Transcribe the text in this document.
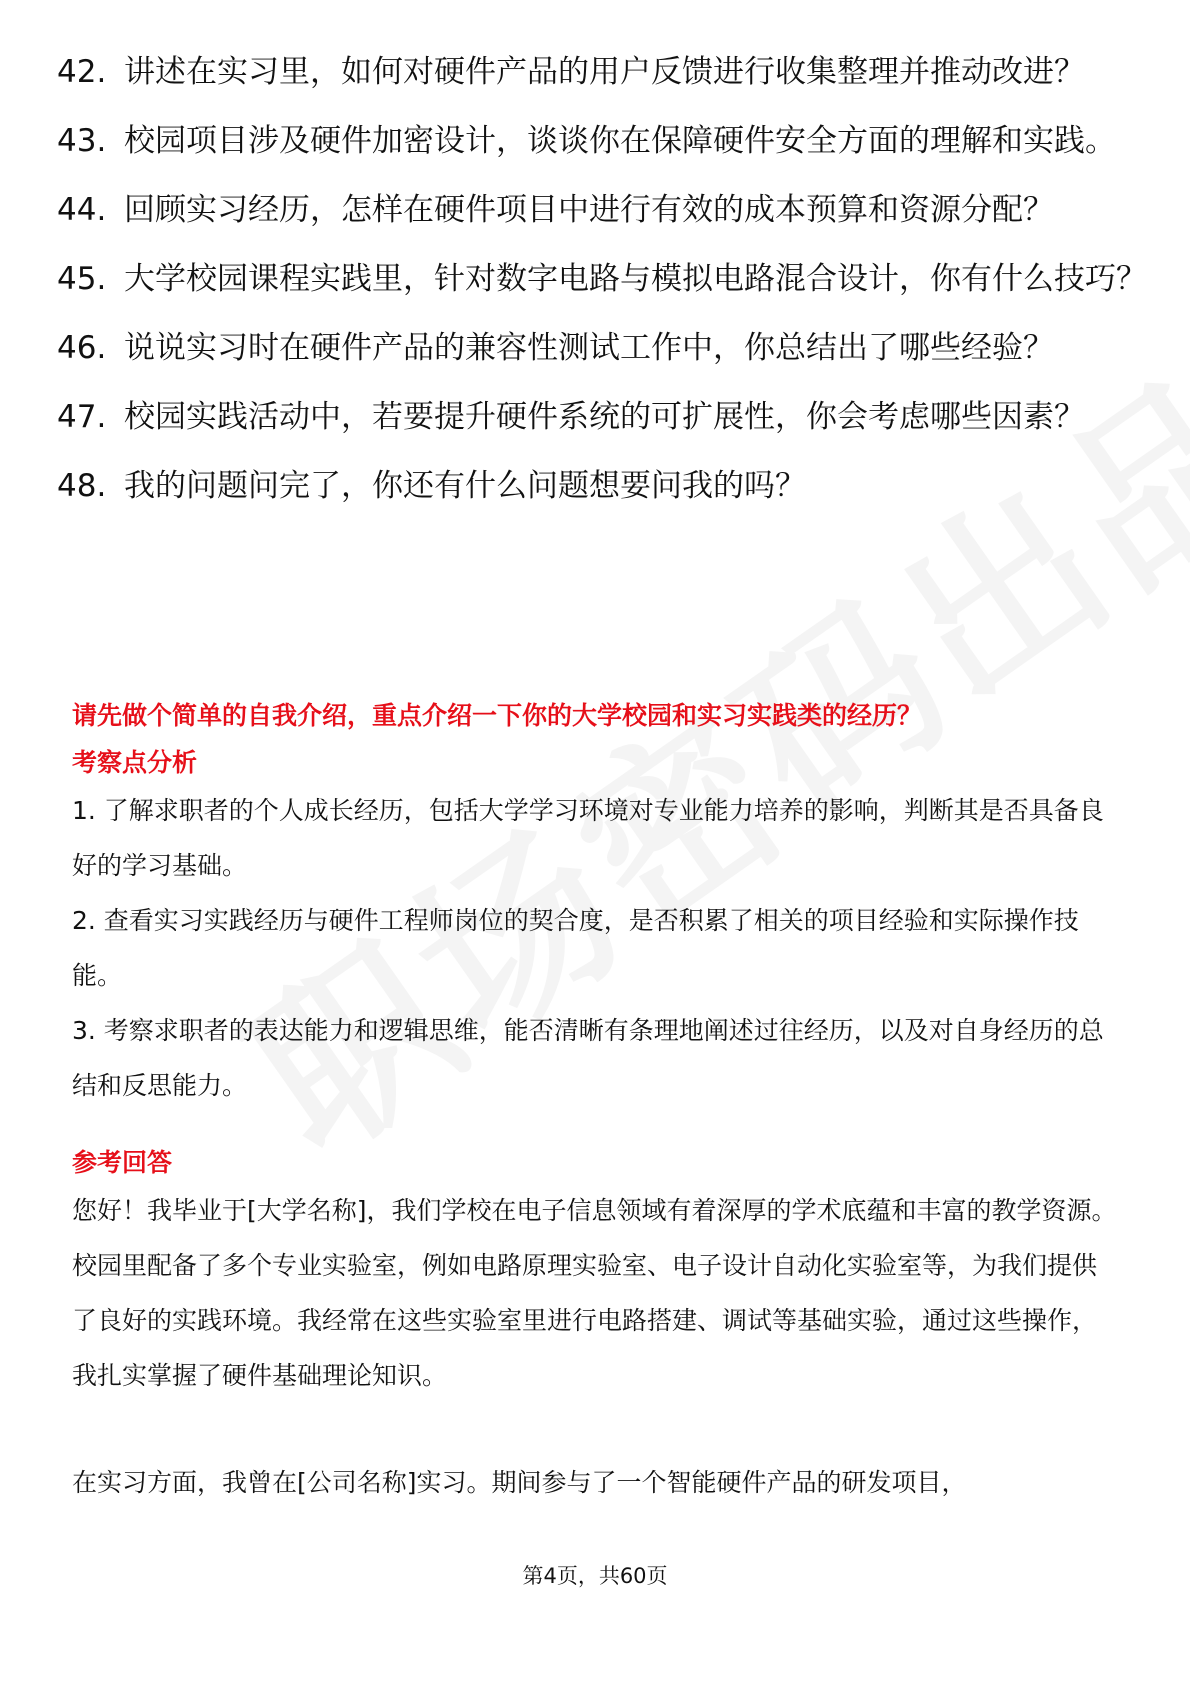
42. 讲述在实习里，如何对硬件产品的用户反馈进行收集整理并推动改进？
43. 校园项目涉及硬件加密设计，谈谈你在保障硬件安全方面的理解和实践。
44. 回顾实习经历，怎样在硬件项目中进行有效的成本预算和资源分配？
45. 大学校园课程实践里，针对数字电路与模拟电路混合设计，你有什么技巧？
46. 说说实习时在硬件产品的兼容性测试工作中，你总结出了哪些经验？
47. 校园实践活动中，若要提升硬件系统的可扩展性，你会考虑哪些因素？
48. 我的问题问完了，你还有什么问题想要问我的吗？
请先做个简单的自我介绍，重点介绍一下你的大学校园和实习实践类的经历？
考察点分析
1. 了解求职者的个人成长经历，包括大学学习环境对专业能力培养的影响，判断其是否具备良好的学习基础。
2. 查看实习实践经历与硬件工程师岗位的契合度，是否积累了相关的项目经验和实际操作技能。
3. 考察求职者的表达能力和逻辑思维，能否清晰有条理地阐述过往经历，以及对自身经历的总结和反思能力。
参考回答
您好！我毕业于[大学名称]，我们学校在电子信息领域有着深厚的学术底蕴和丰富的教学资源。校园里配备了多个专业实验室，例如电路原理实验室、电子设计自动化实验室等，为我们提供了良好的实践环境。我经常在这些实验室里进行电路搭建、调试等基础实验，通过这些操作，我扎实掌握了硬件基础理论知识。
在实习方面，我曾在[公司名称]实习。期间参与了一个智能硬件产品的研发项目，
第4页，共60页
